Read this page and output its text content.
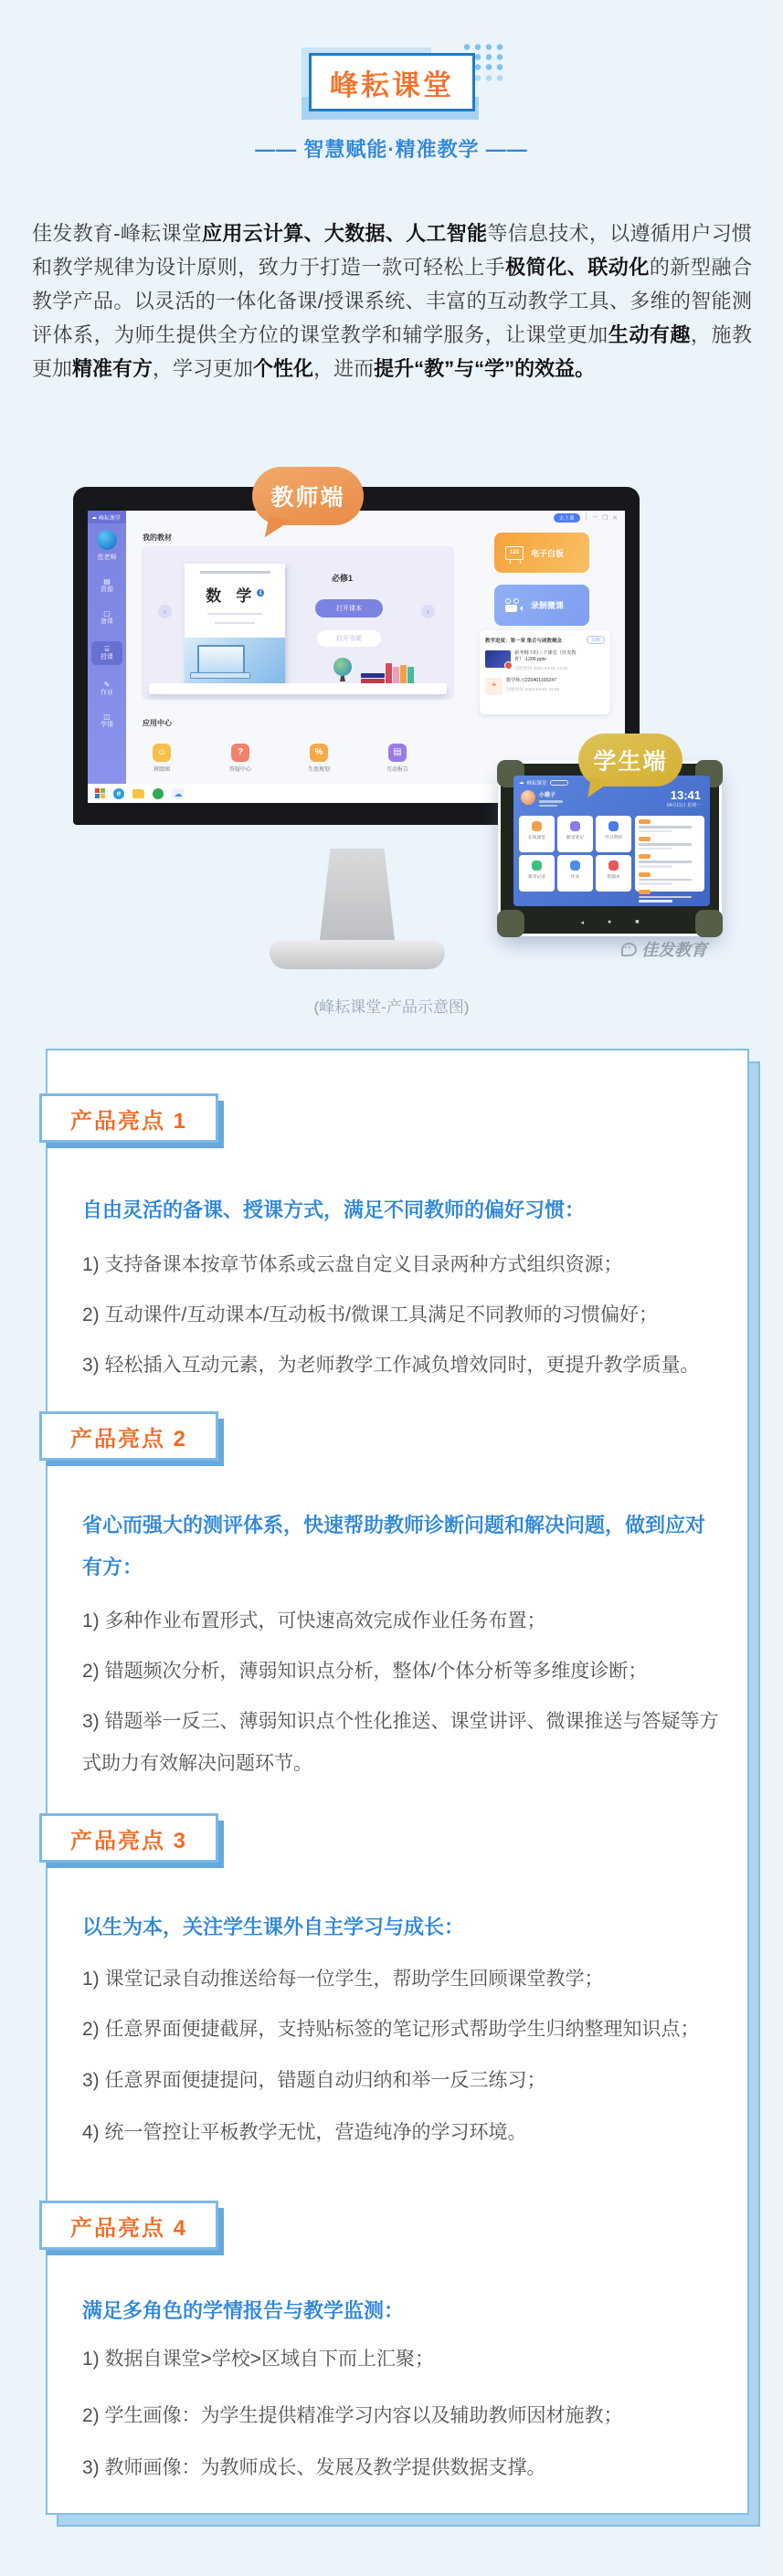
峰耘课堂
—— 智慧赋能·精准教学 ——
佳发教育-峰耘课堂应用云计算、大数据、人工智能等信息技术，以遵循用户习惯和教学规律为设计原则，致力于打造一款可轻松上手极简化、联动化的新型融合教学产品。以灵活的一体化备课/授课系统、丰富的互动教学工具、多维的智能测评体系，为师生提供全方位的课堂教学和辅学服务，让课堂更加生动有趣，施教更加精准有方，学习更加个性化，进而提升“教”与“学”的效益。
☁ 峰耘课堂
佳老师
▤
资源
▢
备课
⌸
授课
✎
作业
◫
学情
去上课	│ ─ ❐ ✕
我的教材
数 学 $^1$
‹	›
必修1
打开课本
打开书架
应用中心
☺
班级圈
?
答疑中心
%
生涯规划
▤
互动报告
123 电子白板
录制微课
教学进度：第一章 集合与函数概念	切换
新考纲下的三个课堂（佳发教育）-1209.pptx
创建时间 2022-04-01 14:32
❝
数学练习220401100247
创建时间 2022-04-01 15:05
e	☁
教师端
☁ 峰耘课堂
小雅子	13:41
04月11日 星期一
在线课堂	随堂笔记	学习资料
课堂记录	作业	错题本
◂	●	■
学生端
• •
佳发教育
(峰耘课堂-产品示意图)
产品亮点 1
自由灵活的备课、授课方式，满足不同教师的偏好习惯：
1) 支持备课本按章节体系或云盘自定义目录两种方式组织资源；
2) 互动课件/互动课本/互动板书/微课工具满足不同教师的习惯偏好；
3) 轻松插入互动元素，为老师教学工作减负增效同时，更提升教学质量。
产品亮点 2
省心而强大的测评体系，快速帮助教师诊断问题和解决问题，做到应对有方：
1) 多种作业布置形式，可快速高效完成作业任务布置；
2) 错题频次分析，薄弱知识点分析，整体/个体分析等多维度诊断；
3) 错题举一反三、薄弱知识点个性化推送、课堂讲评、微课推送与答疑等方式助力有效解决问题环节。
产品亮点 3
以生为本，关注学生课外自主学习与成长：
1) 课堂记录自动推送给每一位学生，帮助学生回顾课堂教学；
2) 任意界面便捷截屏，支持贴标签的笔记形式帮助学生归纳整理知识点；
3) 任意界面便捷提问，错题自动归纳和举一反三练习；
4) 统一管控让平板教学无忧，营造纯净的学习环境。
产品亮点 4
满足多角色的学情报告与教学监测：
1) 数据自课堂>学校>区域自下而上汇聚；
2) 学生画像：为学生提供精准学习内容以及辅助教师因材施教；
3) 教师画像：为教师成长、发展及教学提供数据支撑。
